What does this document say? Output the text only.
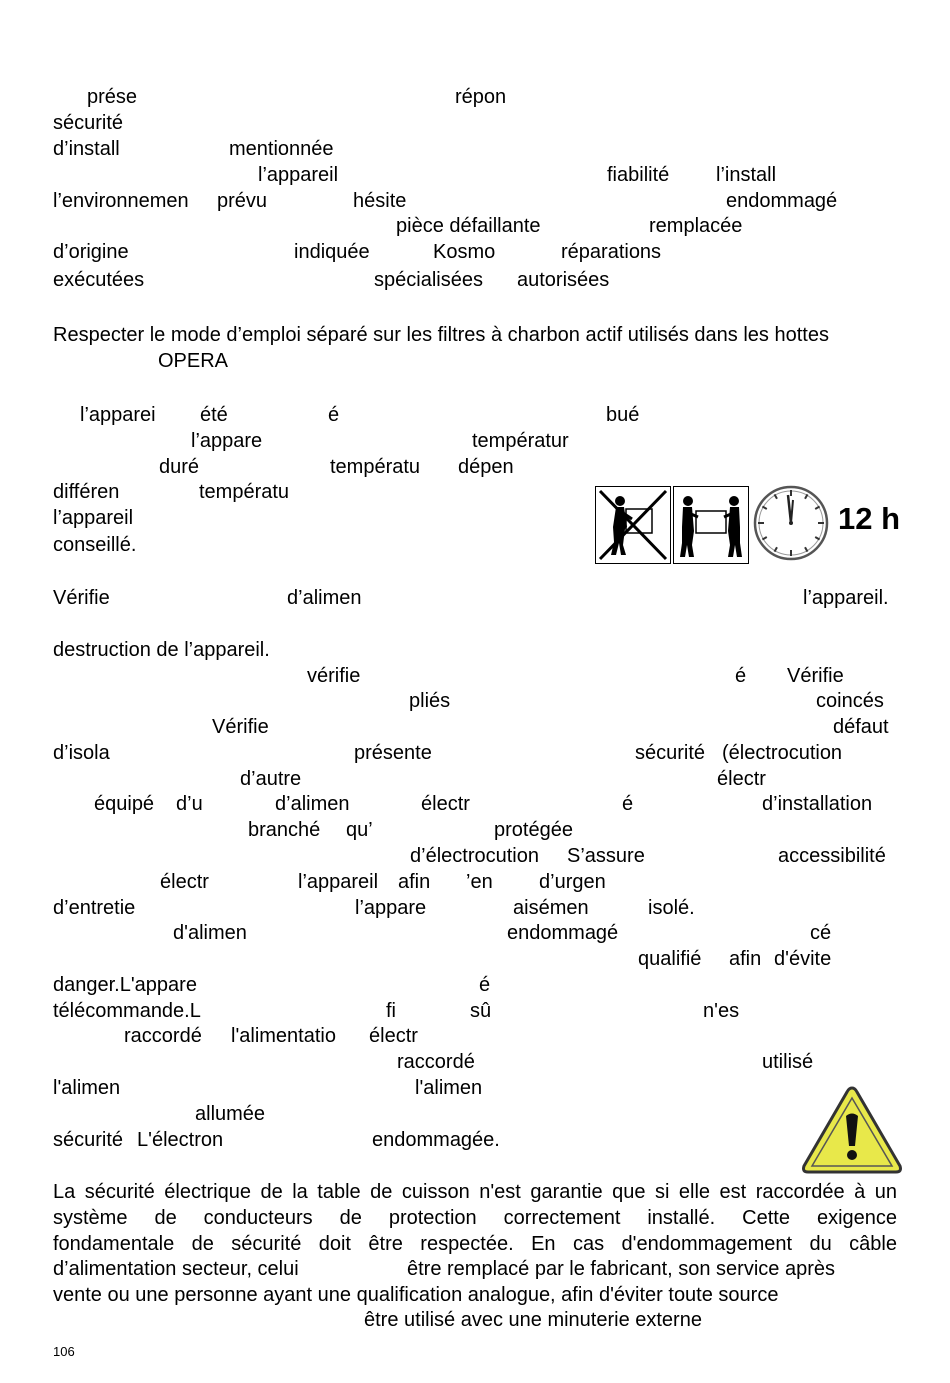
prése	répon
sécurité
d’install	mentionnée
l’appareil	fiabilité l’install
l’environnemen prévu	hésite	endommagé
pièce défaillante	remplacée
d’origine	indiquée	Kosmo	réparations
exécutées	spécialisées autorisées
Respecter le mode d’emploi séparé sur les filtres à charbon actif utilisés dans les hottes
OPERA
l’apparei été	é	bué
l’appare	températur
duré	températu dépen
différen	températu
l’appareil
conseillé.
12 h
Vérifie	d’alimen	l’appareil.
destruction de l’appareil.
vérifie	é Vérifie
pliés	coincés
Vérifie	défaut
d’isola	présente	sécurité (électrocution
d’autre	électr
équipé d’u	d’alimen	électr	é	d’installation
branché qu’	protégée
d’électrocution S’assure	accessibilité
électr	l’appareil afin ’en d’urgen
d’entretie	l’appare	aisémen	isolé.
d'alimen	endommagé	cé
qualifié afin d'évite
danger.L'appare	é
télécommande.L	fi	sû	n'es
raccordé l'alimentatio électr
raccordé	utilisé
l'alimen	l'alimen
allumée
sécurité L'électron	endommagée.
La sécurité électrique de la table de cuisson n'est garantie que si elle est raccordée à un
système de conducteurs de protection correctement installé. Cette exigence
fondamentale de sécurité doit être respectée. En cas d'endommagement du câble
d’alimentation secteur, celui	être remplacé par le fabricant, son service après
vente ou une personne ayant une qualification analogue, afin d'éviter toute source
être utilisé avec une minuterie externe
106
